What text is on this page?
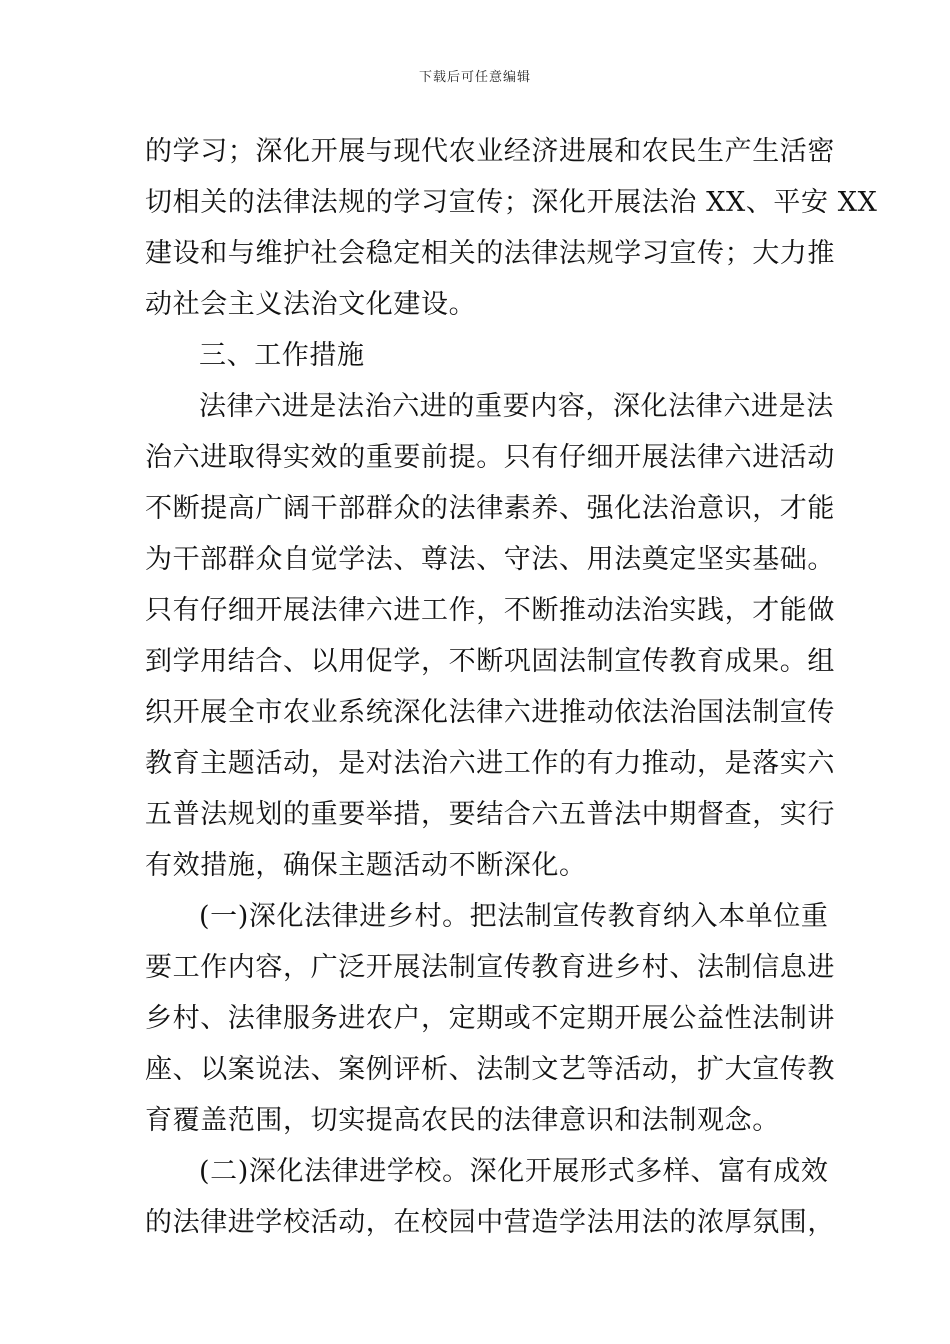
下载后可任意编辑
的学习；深化开展与现代农业经济进展和农民生产生活密
切相关的法律法规的学习宣传；深化开展法治 XX、平安 XX
建设和与维护社会稳定相关的法律法规学习宣传；大力推
动社会主义法治文化建设。
三、工作措施
法律六进是法治六进的重要内容，深化法律六进是法
治六进取得实效的重要前提。只有仔细开展法律六进活动
不断提高广阔干部群众的法律素养、强化法治意识，才能
为干部群众自觉学法、尊法、守法、用法奠定坚实基础。
只有仔细开展法律六进工作，不断推动法治实践，才能做
到学用结合、以用促学，不断巩固法制宣传教育成果。组
织开展全市农业系统深化法律六进推动依法治国法制宣传
教育主题活动，是对法治六进工作的有力推动，是落实六
五普法规划的重要举措，要结合六五普法中期督查，实行
有效措施，确保主题活动不断深化。
(一)深化法律进乡村。把法制宣传教育纳入本单位重
要工作内容，广泛开展法制宣传教育进乡村、法制信息进
乡村、法律服务进农户，定期或不定期开展公益性法制讲
座、以案说法、案例评析、法制文艺等活动，扩大宣传教
育覆盖范围，切实提高农民的法律意识和法制观念。
(二)深化法律进学校。深化开展形式多样、富有成效
的法律进学校活动，在校园中营造学法用法的浓厚氛围，
